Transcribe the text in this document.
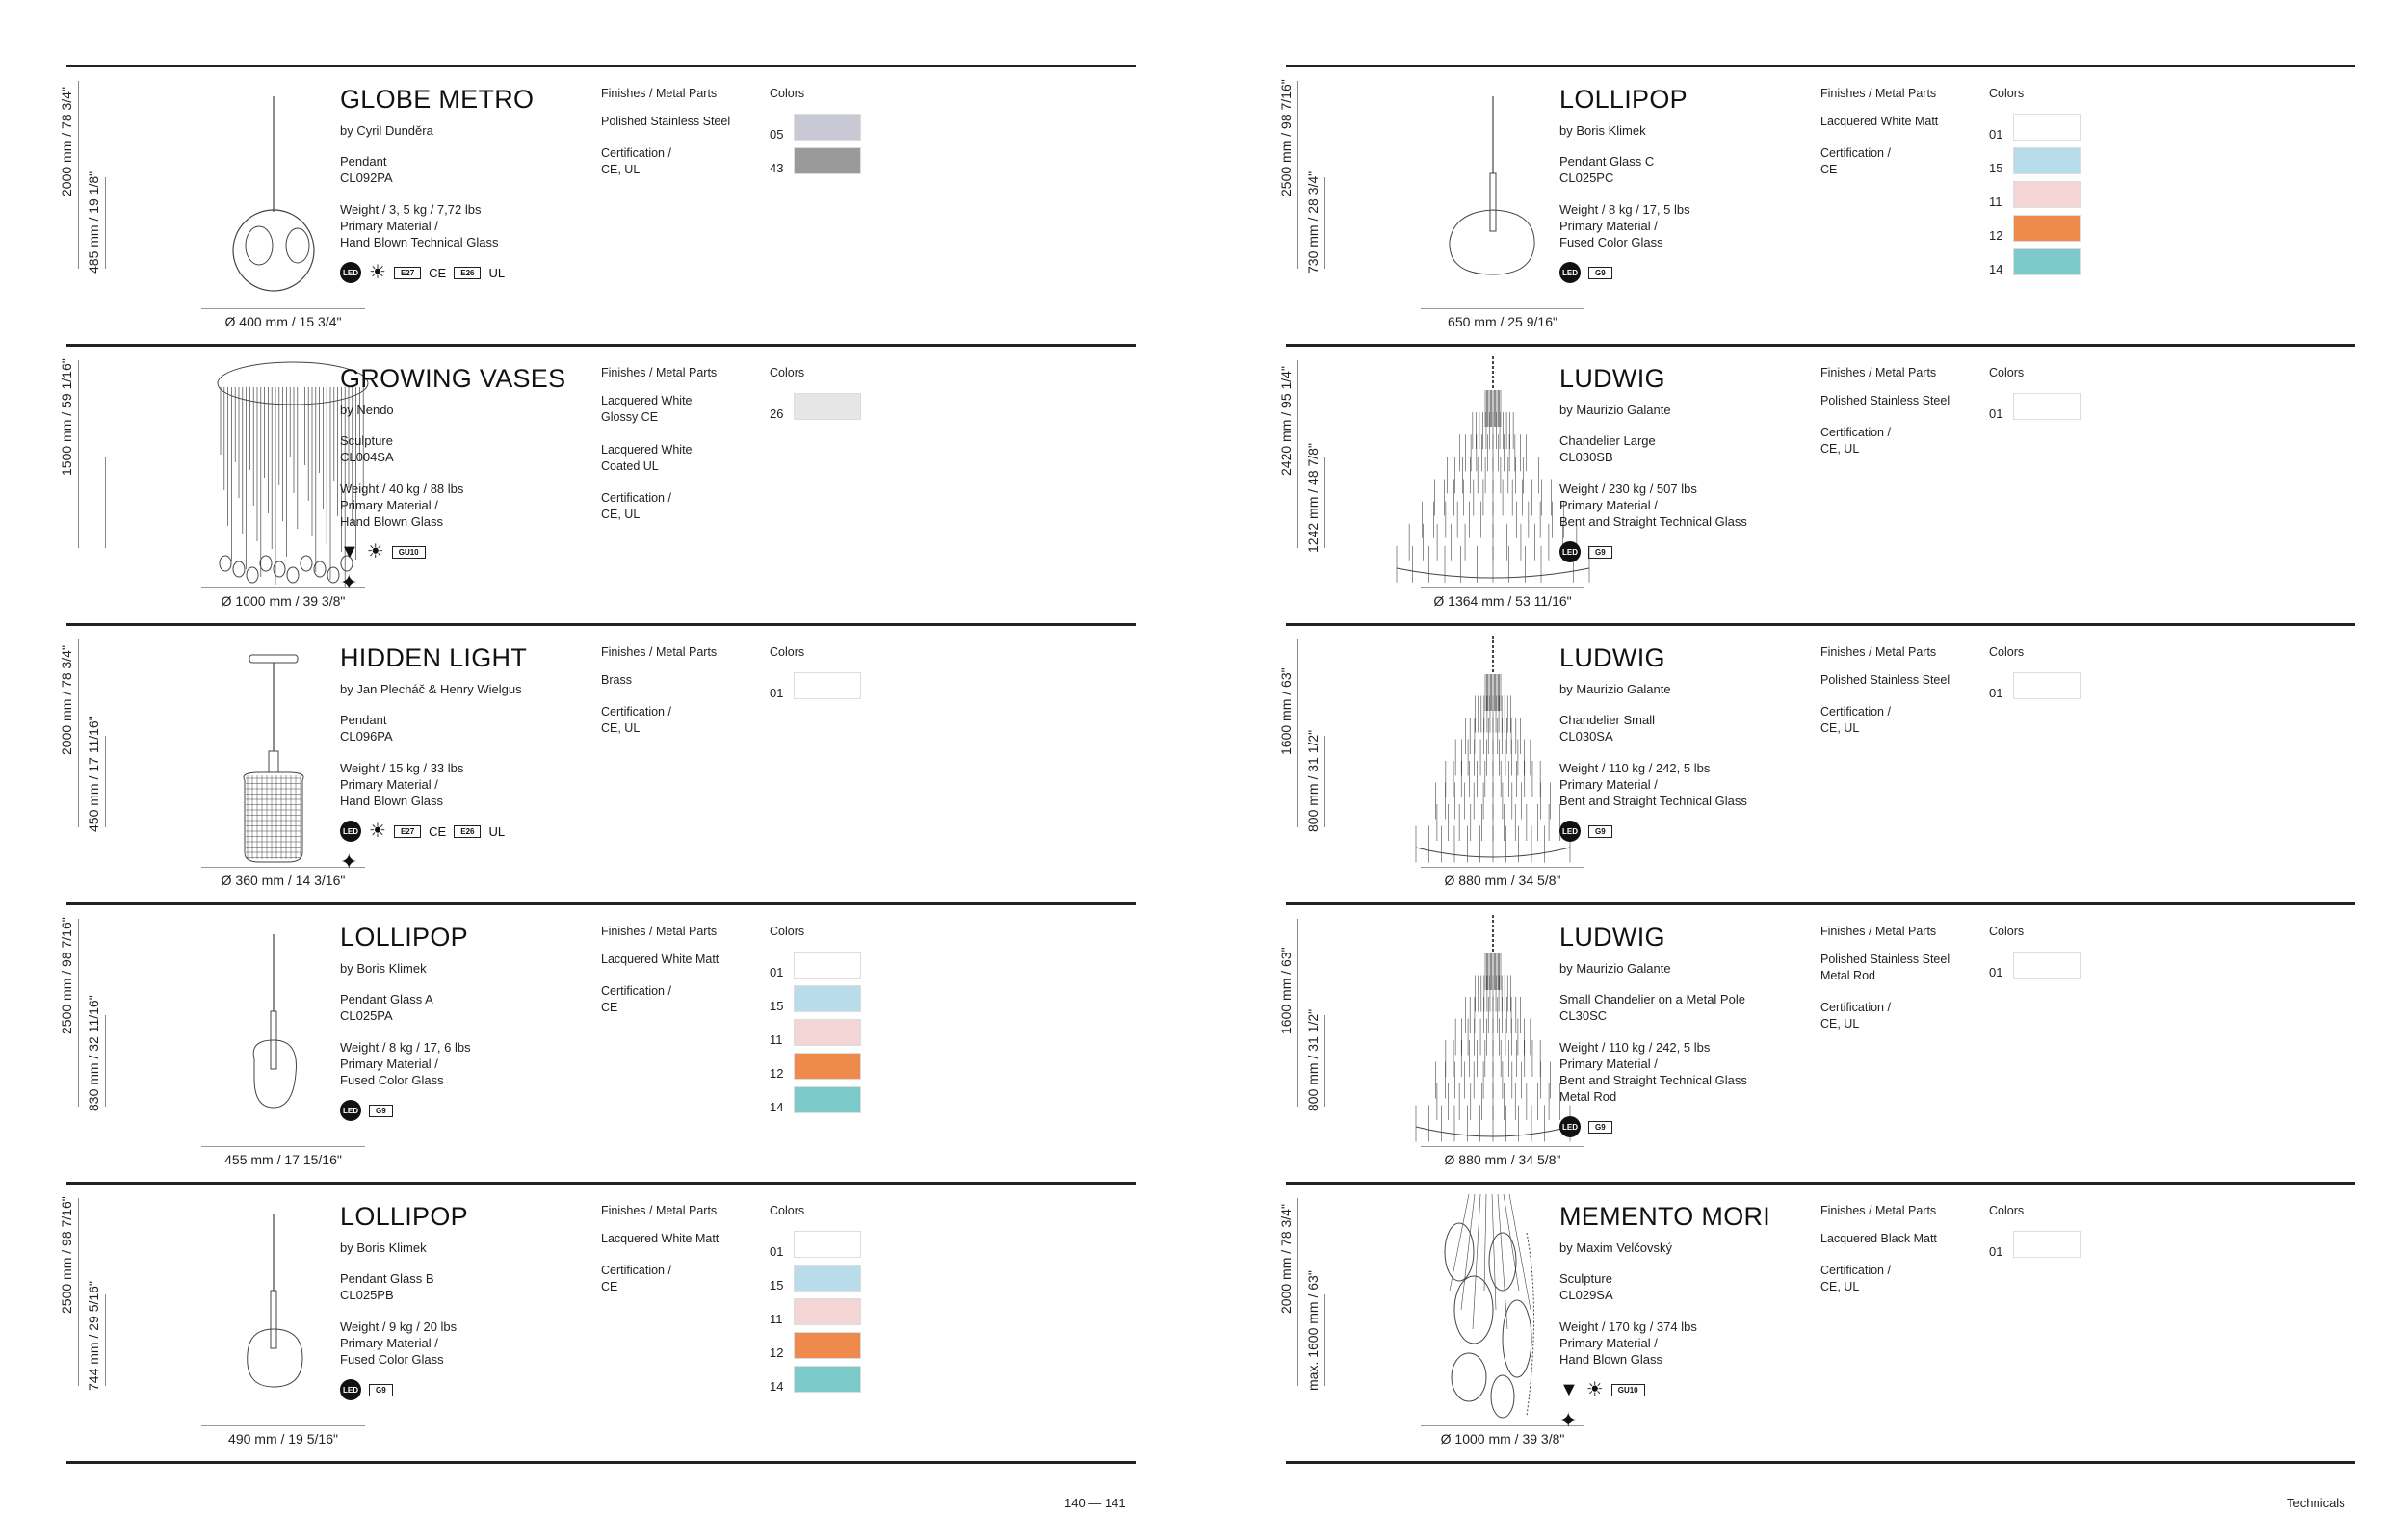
2000 mm / 78 3/4"
485 mm / 19 1/8"
Ø 400 mm / 15 3/4"
GLOBE METRO
by Cyril Dunděra
Pendant
CL092PA
Weight / 3, 5 kg / 7,72 lbs
Primary Material /
Hand Blown Technical Glass
LED ☀	E27	CE	E26	UL
Finishes / Metal Parts
Polished Stainless Steel
Certification /
CE, UL
Colors
05
43
1500 mm / 59 1/16"
Ø 1000 mm / 39 3/8"
GROWING VASES
by Nendo
Sculpture
CL004SA
Weight / 40 kg / 88 lbs
Primary Material /
Hand Blown Glass
▼ ☀	GU10
✦
Finishes / Metal Parts
Lacquered White
Glossy CE

Lacquered White
Coated UL
Certification /
CE, UL
Colors
26
2000 mm / 78 3/4"
450 mm / 17 11/16"
Ø 360 mm / 14 3/16"
HIDDEN LIGHT
by Jan Plecháč & Henry Wielgus
Pendant
CL096PA
Weight / 15 kg / 33 lbs
Primary Material /
Hand Blown Glass
LED ☀	E27	CE	E26	UL
✦
Finishes / Metal Parts
Brass
Certification /
CE, UL
Colors
01
2500 mm / 98 7/16"
830 mm / 32 11/16"
455 mm / 17 15/16"
LOLLIPOP
by Boris Klimek
Pendant Glass A
CL025PA
Weight / 8 kg / 17, 6 lbs
Primary Material /
Fused Color Glass
LED	G9
Finishes / Metal Parts
Lacquered White Matt
Certification /
CE
Colors
01
15
11
12
14
2500 mm / 98 7/16"
744 mm / 29 5/16"
490 mm / 19 5/16"
LOLLIPOP
by Boris Klimek
Pendant Glass B
CL025PB
Weight / 9 kg / 20 lbs
Primary Material /
Fused Color Glass
LED	G9
Finishes / Metal Parts
Lacquered White Matt
Certification /
CE
Colors
01
15
11
12
14
2500 mm / 98 7/16"
730 mm / 28 3/4"
650 mm / 25 9/16"
LOLLIPOP
by Boris Klimek
Pendant Glass C
CL025PC
Weight / 8 kg / 17, 5 lbs
Primary Material /
Fused Color Glass
LED	G9
Finishes / Metal Parts
Lacquered White Matt
Certification /
CE
Colors
01
15
11
12
14
2420 mm / 95 1/4"
1242 mm / 48 7/8"
Ø 1364 mm / 53 11/16"
LUDWIG
by Maurizio Galante
Chandelier Large
CL030SB
Weight / 230 kg / 507 lbs
Primary Material /
Bent and Straight Technical Glass
LED	G9
Finishes / Metal Parts
Polished Stainless Steel
Certification /
CE, UL
Colors
01
1600 mm / 63"
800 mm / 31 1/2"
Ø 880 mm / 34 5/8"
LUDWIG
by Maurizio Galante
Chandelier Small
CL030SA
Weight / 110 kg / 242, 5 lbs
Primary Material /
Bent and Straight Technical Glass
LED	G9
Finishes / Metal Parts
Polished Stainless Steel
Certification /
CE, UL
Colors
01
1600 mm / 63"
800 mm / 31 1/2"
Ø 880 mm / 34 5/8"
LUDWIG
by Maurizio Galante
Small Chandelier on a Metal Pole
CL30SC
Weight / 110 kg / 242, 5 lbs
Primary Material /
Bent and Straight Technical Glass
Metal Rod
LED	G9
Finishes / Metal Parts
Polished Stainless Steel
Metal Rod
Certification /
CE, UL
Colors
01
2000 mm / 78 3/4"
max. 1600 mm / 63"
Ø 1000 mm / 39 3/8"
MEMENTO MORI
by Maxim Velčovský
Sculpture
CL029SA
Weight / 170 kg / 374 lbs
Primary Material /
Hand Blown Glass
▼ ☀	GU10
✦
Finishes / Metal Parts
Lacquered Black Matt
Certification /
CE, UL
Colors
01
140 — 141	Technicals
